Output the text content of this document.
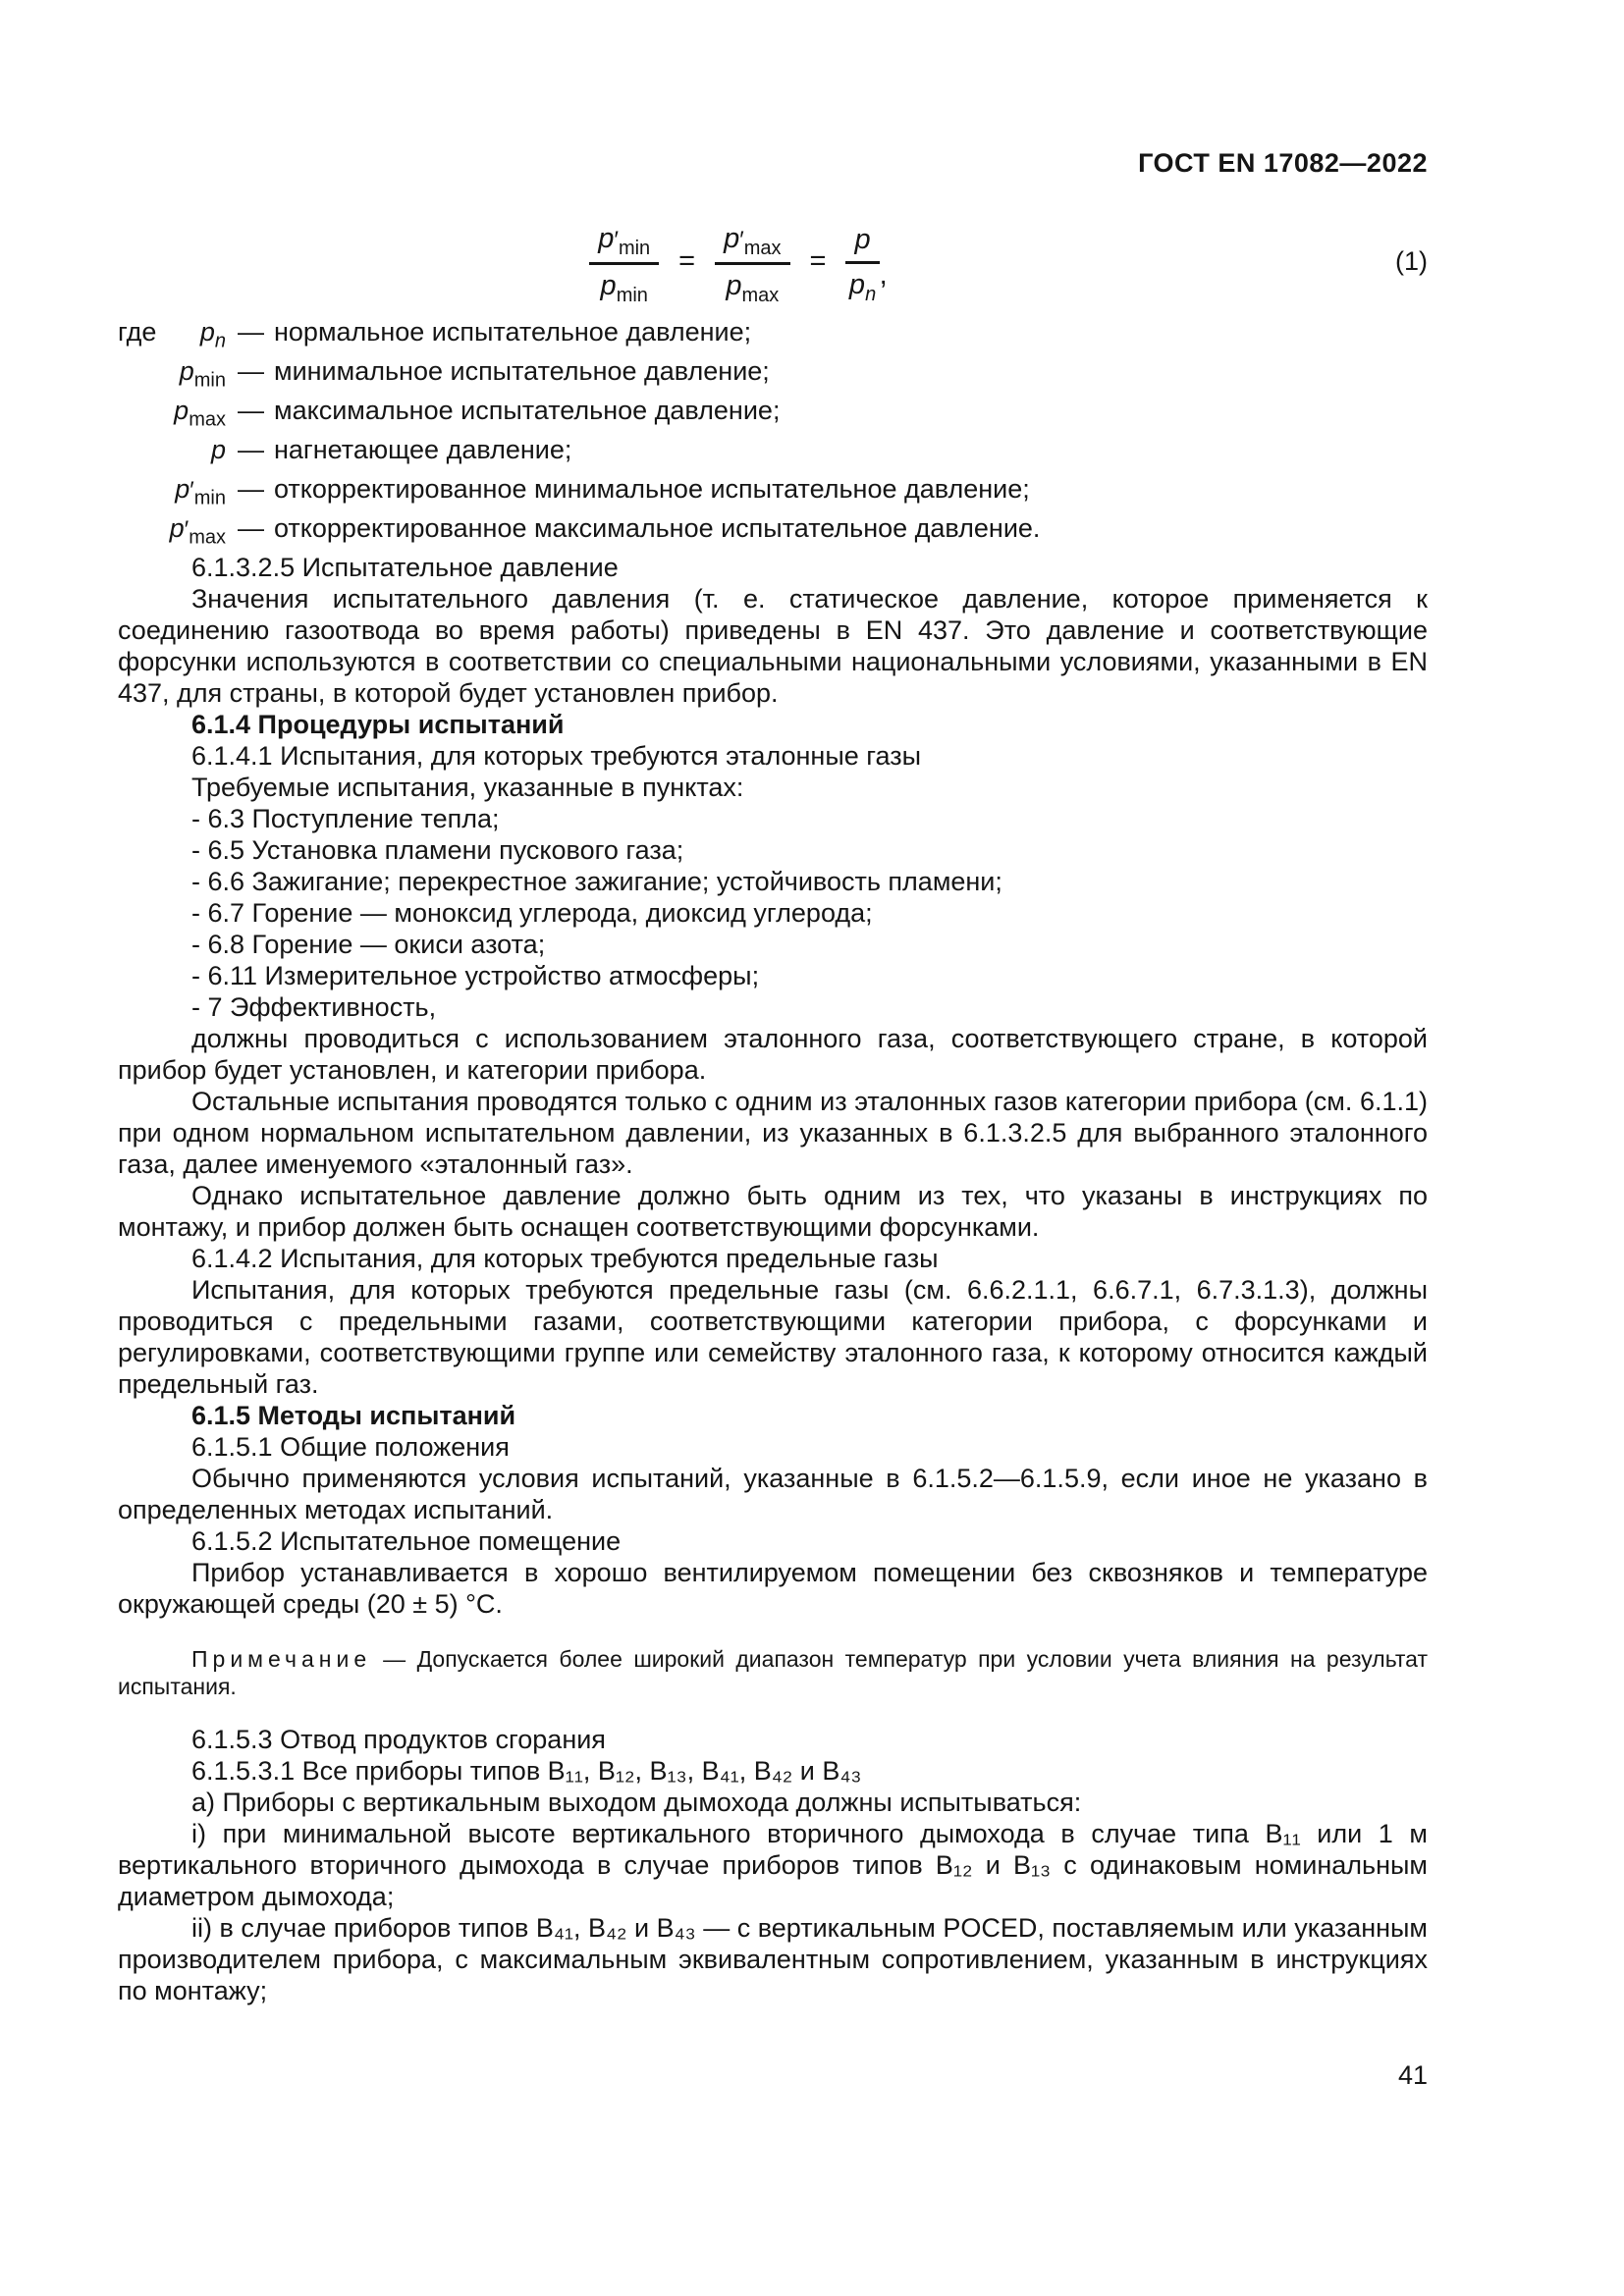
ГОСТ EN 17082—2022
$\frac{p'_{min}}{p_{min}} = \frac{p'_{max}}{p_{max}} = \frac{p}{p_n}$ ,	(1)
где	$p_n$ — нормальное испытательное давление;
$p_{min}$ — минимальное испытательное давление;
$p_{max}$ — максимальное испытательное давление;
p — нагнетающее давление;
$p'_{min}$ — откорректированное минимальное испытательное давление;
$p'_{max}$ — откорректированное максимальное испытательное давление.

6.1.3.2.5 Испытательное давление

Значения испытательного давления (т. е. статическое давление, которое применяется к соединению газоотвода во время работы) приведены в EN 437. Это давление и соответствующие форсунки используются в соответствии со специальными национальными условиями, указанными в EN 437, для страны, в которой будет установлен прибор.

6.1.4 Процедуры испытаний

6.1.4.1 Испытания, для которых требуются эталонные газы

Требуемые испытания, указанные в пунктах:

- 6.3 Поступление тепла;

- 6.5 Установка пламени пускового газа;

- 6.6 Зажигание; перекрестное зажигание; устойчивость пламени;

- 6.7 Горение — моноксид углерода, диоксид углерода;

- 6.8 Горение — окиси азота;

- 6.11 Измерительное устройство атмосферы;

- 7 Эффективность,

должны проводиться с использованием эталонного газа, соответствующего стране, в которой прибор будет установлен, и категории прибора.

Остальные испытания проводятся только с одним из эталонных газов категории прибора (см. 6.1.1) при одном нормальном испытательном давлении, из указанных в 6.1.3.2.5 для выбранного эталонного газа, далее именуемого «эталонный газ».

Однако испытательное давление должно быть одним из тех, что указаны в инструкциях по монтажу, и прибор должен быть оснащен соответствующими форсунками.

6.1.4.2 Испытания, для которых требуются предельные газы

Испытания, для которых требуются предельные газы (см. 6.6.2.1.1, 6.6.7.1, 6.7.3.1.3), должны проводиться с предельными газами, соответствующими категории прибора, с форсунками и регулировками, соответствующими группе или семейству эталонного газа, к которому относится каждый предельный газ.

6.1.5 Методы испытаний

6.1.5.1 Общие положения

Обычно применяются условия испытаний, указанные в 6.1.5.2—6.1.5.9, если иное не указано в определенных методах испытаний.

6.1.5.2 Испытательное помещение

Прибор устанавливается в хорошо вентилируемом помещении без сквозняков и температуре окружающей среды (20 ± 5) °C.

Примечание — Допускается более широкий диапазон температур при условии учета влияния на результат испытания.

6.1.5.3 Отвод продуктов сгорания

6.1.5.3.1 Все приборы типов B₁₁, B₁₂, B₁₃, B₄₁, B₄₂ и B₄₃

а) Приборы с вертикальным выходом дымохода должны испытываться:

i) при минимальной высоте вертикального вторичного дымохода в случае типа B₁₁ или 1 м вертикального вторичного дымохода в случае приборов типов B₁₂ и B₁₃ с одинаковым номинальным диаметром дымохода;

ii) в случае приборов типов B₄₁, B₄₂ и B₄₃ — с вертикальным POCED, поставляемым или указанным производителем прибора, с максимальным эквивалентным сопротивлением, указанным в инструкциях по монтажу;

41
